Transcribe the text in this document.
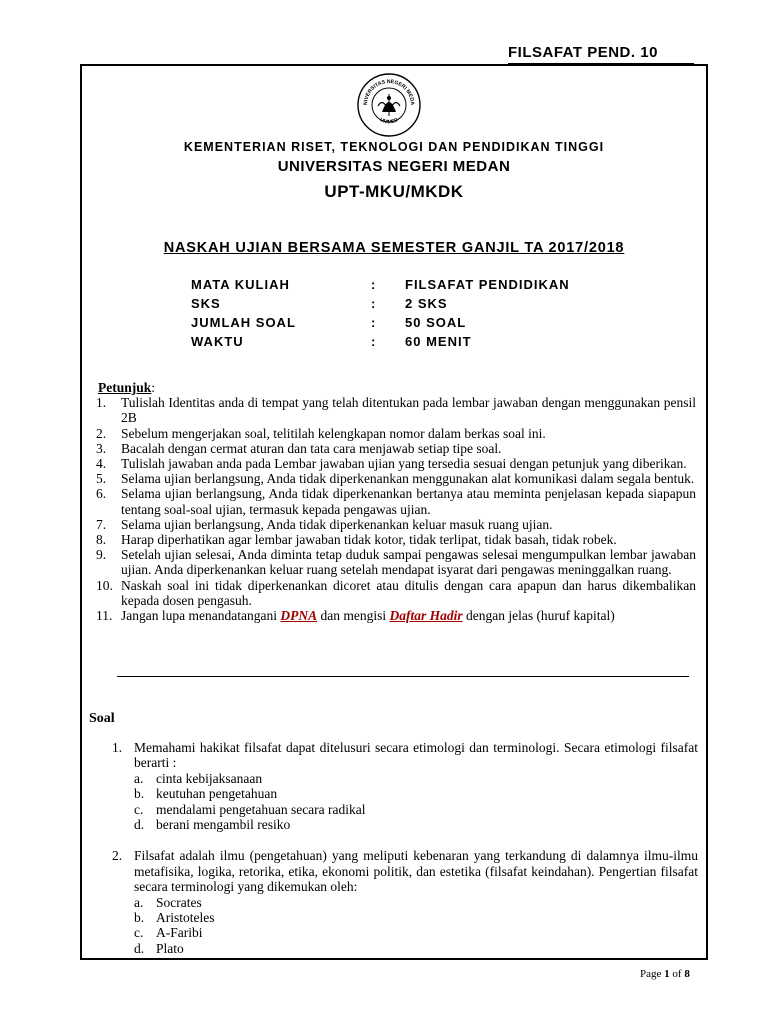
FILSAFAT PEND. 10
NIVERSITAS NEGERI MEDA
UNIMED
KEMENTERIAN RISET, TEKNOLOGI DAN PENDIDIKAN TINGGI
UNIVERSITAS NEGERI MEDAN
UPT-MKU/MKDK
NASKAH UJIAN BERSAMA SEMESTER GANJIL TA 2017/2018
MATA KULIAH	:	FILSAFAT PENDIDIKAN
SKS	:	2 SKS
JUMLAH SOAL	:	50 SOAL
WAKTU	:	60 MENIT
Petunjuk:
1.	Tulislah Identitas anda di tempat yang telah ditentukan pada lembar jawaban dengan menggunakan pensil 2B
2.	Sebelum mengerjakan soal, telitilah kelengkapan nomor dalam berkas soal ini.
3.	Bacalah dengan cermat aturan dan tata cara menjawab setiap tipe soal.
4.	Tulislah jawaban anda pada Lembar jawaban ujian yang tersedia sesuai dengan petunjuk yang diberikan.
5.	Selama ujian berlangsung, Anda tidak diperkenankan menggunakan alat komunikasi dalam segala bentuk.
6.	Selama ujian berlangsung, Anda tidak diperkenankan bertanya atau meminta penjelasan kepada siapapun tentang soal-soal ujian, termasuk kepada pengawas ujian.
7.	Selama ujian berlangsung, Anda tidak diperkenankan keluar masuk ruang ujian.
8.	Harap diperhatikan agar lembar jawaban tidak kotor, tidak terlipat, tidak basah, tidak robek.
9.	Setelah ujian selesai, Anda diminta tetap duduk sampai pengawas selesai mengumpulkan lembar jawaban ujian. Anda diperkenankan keluar ruang setelah mendapat isyarat dari pengawas meninggalkan ruang.
10. Naskah soal ini tidak diperkenankan dicoret atau ditulis dengan cara apapun dan harus dikembalikan kepada dosen pengasuh.
11. Jangan lupa menandatangani DPNA dan mengisi Daftar Hadir dengan jelas (huruf kapital)
Soal
1. Memahami hakikat filsafat dapat ditelusuri secara etimologi dan terminologi. Secara etimologi filsafat berarti :
a. cinta kebijaksanaan
b. keutuhan pengetahuan
c. mendalami pengetahuan secara radikal
d. berani mengambil resiko
2. Filsafat adalah ilmu (pengetahuan) yang meliputi kebenaran yang terkandung di dalamnya ilmu-ilmu metafisika, logika, retorika, etika, ekonomi politik, dan estetika (filsafat keindahan). Pengertian filsafat secara terminologi yang dikemukan oleh:
a. Socrates
b. Aristoteles
c. A-Faribi
d. Plato
Page 1 of 8
